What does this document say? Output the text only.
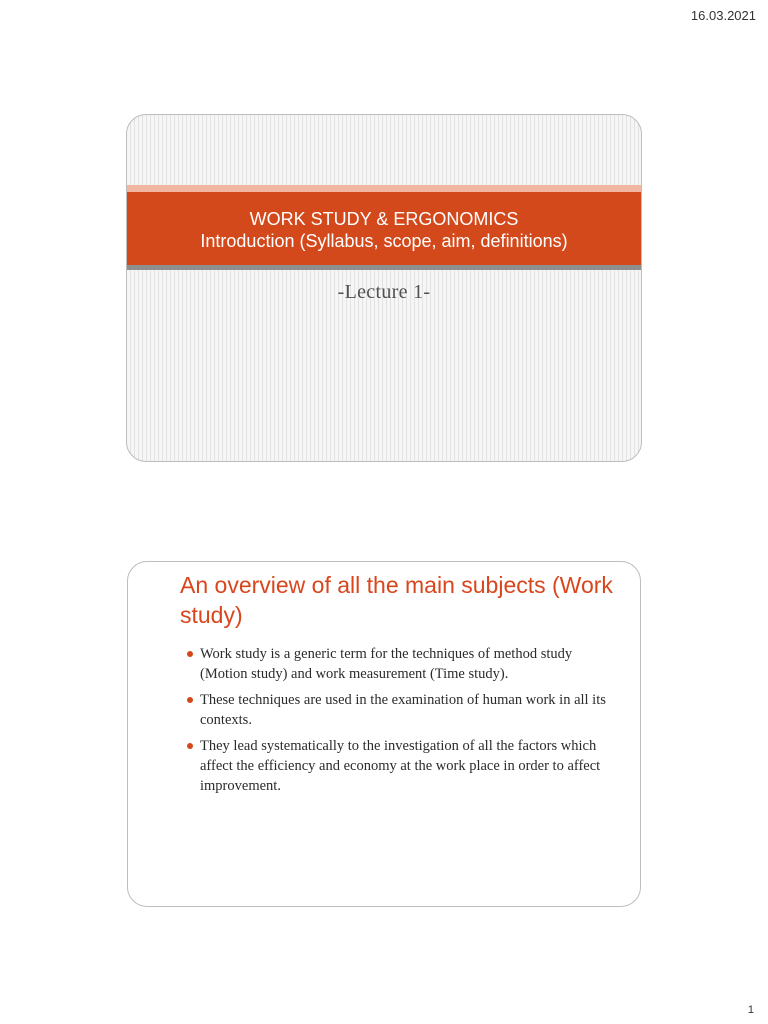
16.03.2021
WORK STUDY & ERGONOMICS
Introduction (Syllabus, scope, aim, definitions)
-Lecture 1-
An overview of all the main subjects (Work study)
Work study is a generic term for the techniques of method study (Motion study) and work measurement (Time study).
These techniques are used in the examination of human work in all its contexts.
They lead systematically to the investigation of all the factors which affect the efficiency and economy at the work place in order to affect improvement.
1
